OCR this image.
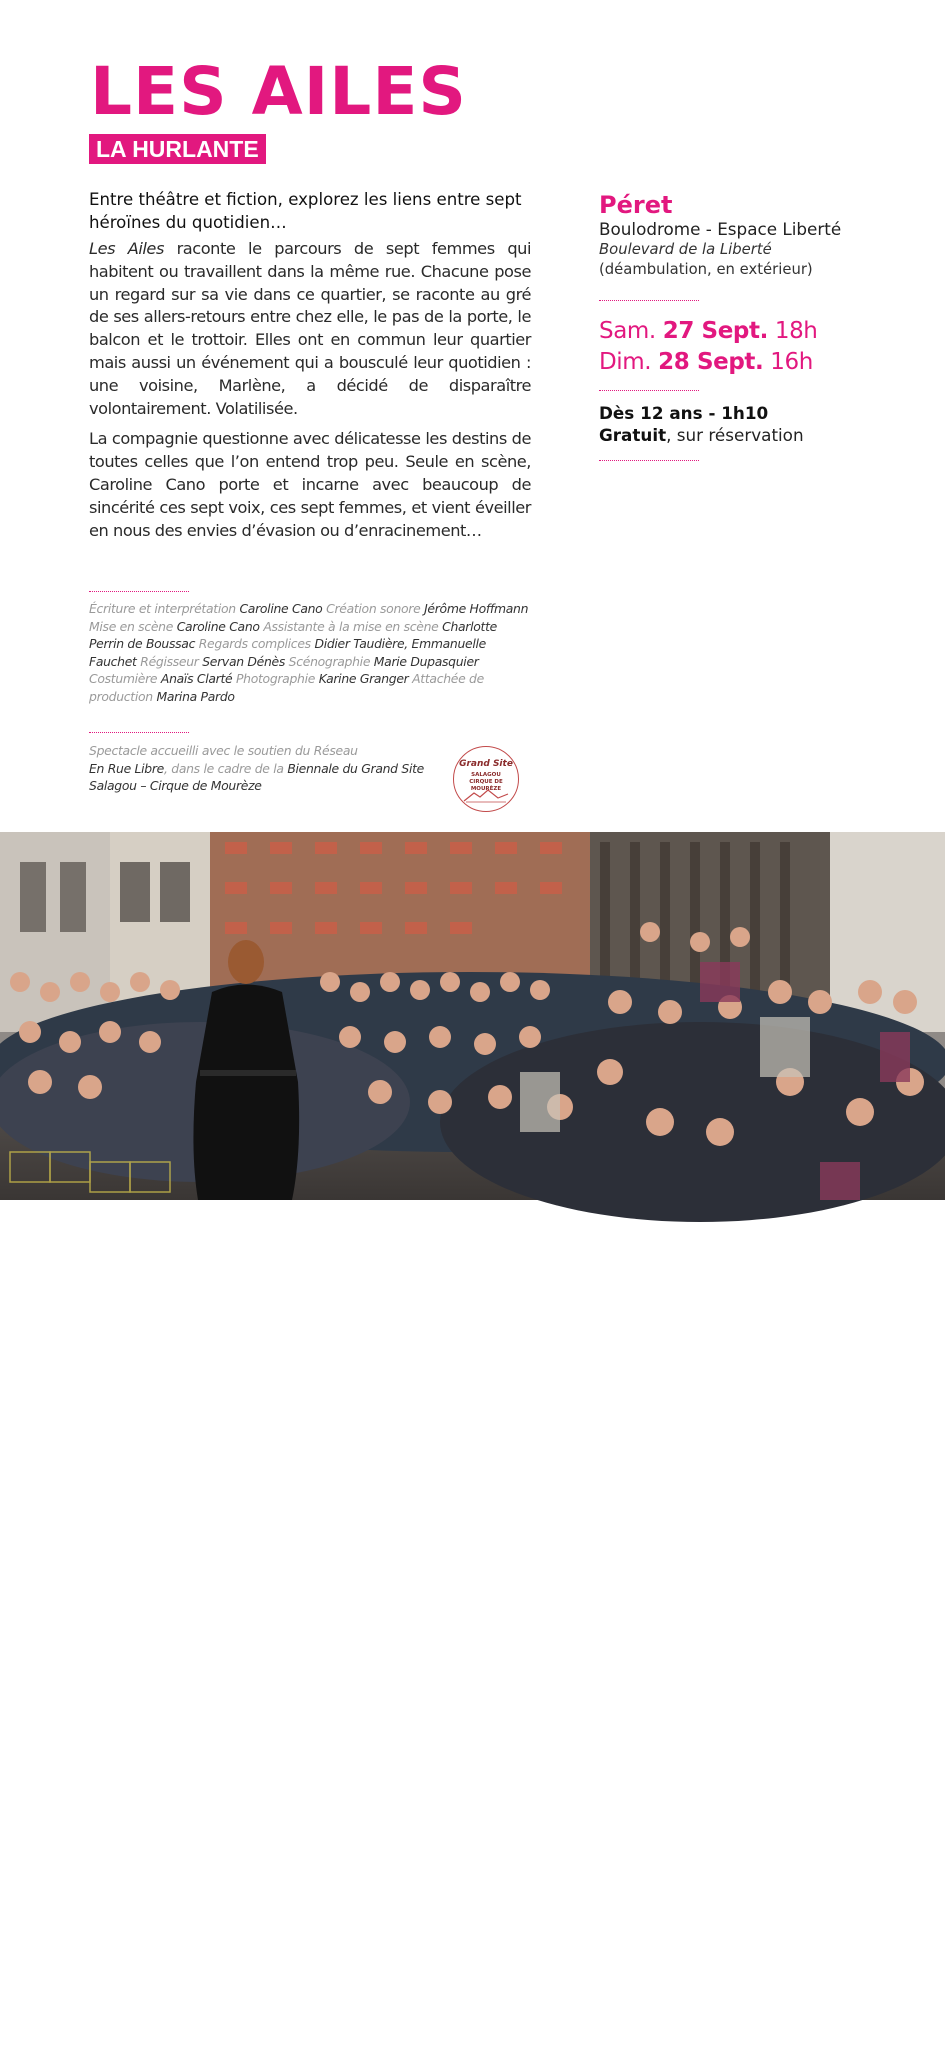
LES AILES
LA HURLANTE

Entre théâtre et fiction, explorez les liens entre sept héroïnes du quotidien…

Les Ailes raconte le parcours de sept femmes qui habitent ou travaillent dans la même rue. Chacune pose un regard sur sa vie dans ce quartier, se raconte au gré de ses allers-retours entre chez elle, le pas de la porte, le balcon et le trottoir. Elles ont en commun leur quartier mais aussi un événement qui a bousculé leur quotidien : une voisine, Marlène, a décidé de disparaître volontairement. Volatilisée.

La compagnie questionne avec délicatesse les destins de toutes celles que l’on entend trop peu. Seule en scène, Caroline Cano porte et incarne avec beaucoup de sincérité ces sept voix, ces sept femmes, et vient éveiller en nous des envies d’évasion ou d’enracinement…

Écriture et interprétation Caroline Cano Création sonore Jérôme Hoffmann Mise en scène Caroline Cano Assistante à la mise en scène Charlotte Perrin de Boussac Regards complices Didier Taudière, Emmanuelle Fauchet Régisseur Servan Dénès Scénographie Marie Dupasquier Costumière Anaïs Clarté Photographie Karine Granger Attachée de production Marina Pardo
Spectacle accueilli avec le soutien du Réseau
En Rue Libre, dans le cadre de la Biennale du Grand Site
Salagou – Cirque de Mourèze
Grand Site
SALAGOU
CIRQUE DE MOURÈZE
Péret
Boulodrome - Espace Liberté
Boulevard de la Liberté
(déambulation, en extérieur)
Sam. 27 Sept. 18h
Dim. 28 Sept. 16h
Dès 12 ans - 1h10
Gratuit, sur réservation
© Sophie Roberto La Manufacture
